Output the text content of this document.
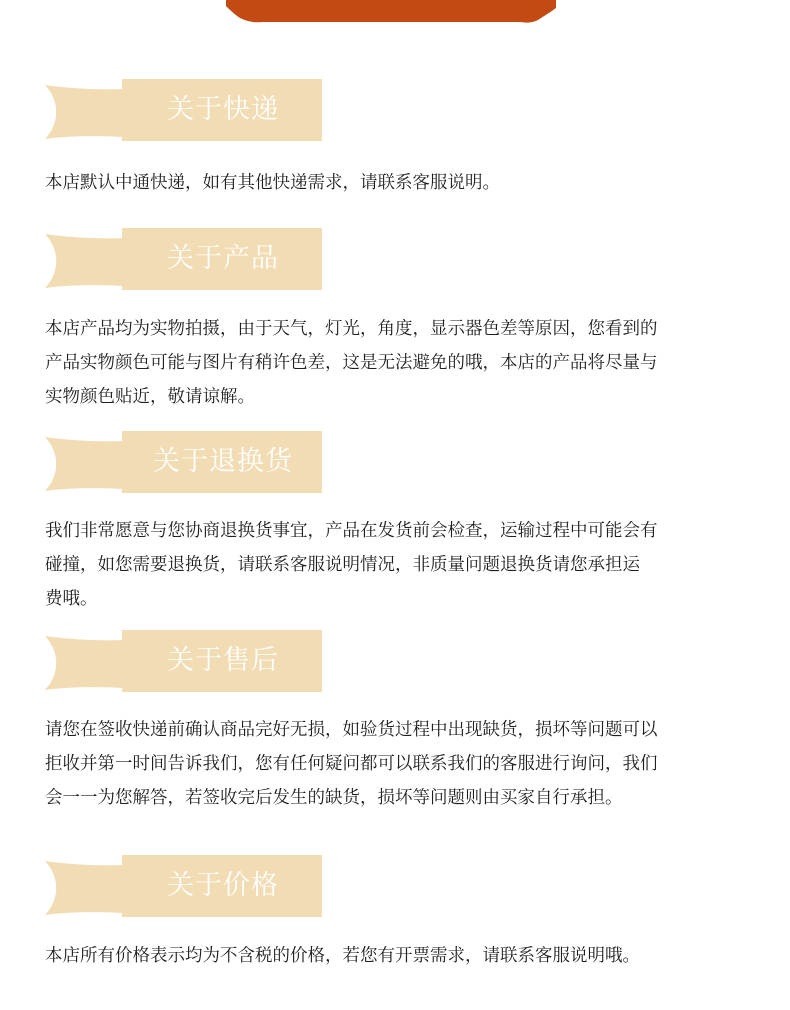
关于快递
本店默认中通快递，如有其他快递需求，请联系客服说明。
关于产品
本店产品均为实物拍摄，由于天气，灯光，角度，显示器色差等原因，您看到的
产品实物颜色可能与图片有稍许色差，这是无法避免的哦，本店的产品将尽量与
实物颜色贴近，敬请谅解。
关于退换货
我们非常愿意与您协商退换货事宜，产品在发货前会检查，运输过程中可能会有
碰撞，如您需要退换货，请联系客服说明情况，非质量问题退换货请您承担运
费哦。
关于售后
请您在签收快递前确认商品完好无损，如验货过程中出现缺货，损坏等问题可以
拒收并第一时间告诉我们，您有任何疑问都可以联系我们的客服进行询问，我们
会一一为您解答，若签收完后发生的缺货，损坏等问题则由买家自行承担。
关于价格
本店所有价格表示均为不含税的价格，若您有开票需求，请联系客服说明哦。
